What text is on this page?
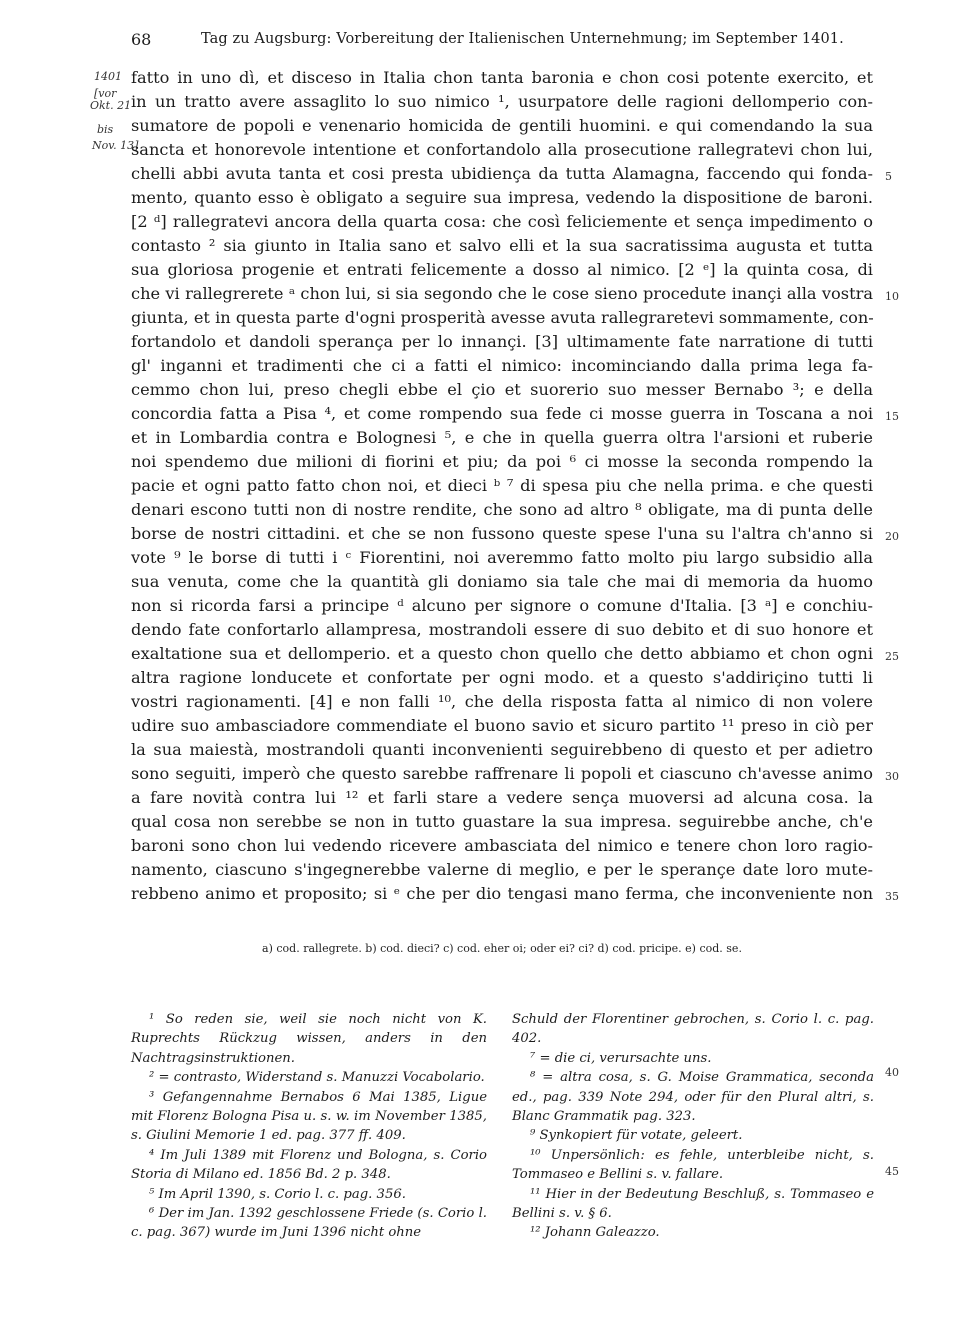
68	Tag zu Augsburg: Vorbereitung der Italienischen Unternehmung; im September 1401.
1401
[vor
Okt. 21
bis
Nov. 13]
fatto in uno dì, et disceso in Italia chon tanta baronia e chon cosi potente exercito, et
in un tratto avere assaglito lo suo nimico ¹, usurpatore delle ragioni dellomperio con-
sumatore de popoli e venenario homicida de gentili huomini. e qui comendando la sua
sancta et honorevole intentione et confortandolo alla prosecutione rallegratevi chon lui,
chelli abbi avuta tanta et cosi presta ubidiença da tutta Alamagna, faccendo qui fonda-
mento, quanto esso è obligato a seguire sua impresa, vedendo la dispositione de baroni.
[2 ᵈ] rallegratevi ancora della quarta cosa: che così feliciemente et sença impedimento o
contasto ² sia giunto in Italia sano et salvo elli et la sua sacratissima augusta et tutta
sua gloriosa progenie et entrati felicemente a dosso al nimico. [2 ᵉ] la quinta cosa, di
che vi rallegrerete ᵃ chon lui, si sia segondo che le cose sieno procedute inançi alla vostra
giunta, et in questa parte d'ogni prosperità avesse avuta rallegraretevi sommamente, con-
fortandolo et dandoli sperança per lo innançi. [3] ultimamente fate narratione di tutti
gl' inganni et tradimenti che ci a fatti el nimico: incominciando dalla prima lega fa-
cemmo chon lui, preso chegli ebbe el çio et suorerio suo messer Bernabo ³; e della
concordia fatta a Pisa ⁴, et come rompendo sua fede ci mosse guerra in Toscana a noi
et in Lombardia contra e Bolognesi ⁵, e che in quella guerra oltra l'arsioni et ruberie
noi spendemo due milioni di fiorini et piu; da poi ⁶ ci mosse la seconda rompendo la
pacie et ogni patto fatto chon noi, et dieci ᵇ ⁷ di spesa piu che nella prima. e che questi
denari escono tutti non di nostre rendite, che sono ad altro ⁸ obligate, ma di punta delle
borse de nostri cittadini. et che se non fussono queste spese l'una su l'altra ch'anno si
vote ⁹ le borse di tutti i ᶜ Fiorentini, noi averemmo fatto molto piu largo subsidio alla
sua venuta, come che la quantità gli doniamo sia tale che mai di memoria da huomo
non si ricorda farsi a principe ᵈ alcuno per signore o comune d'Italia. [3 ᵃ] e conchiu-
dendo fate confortarlo allampresa, mostrandoli essere di suo debito et di suo honore et
exaltatione sua et dellomperio. et a questo chon quello che detto abbiamo et chon ogni
altra ragione londucete et confortate per ogni modo. et a questo s'addiriçino tutti li
vostri ragionamenti. [4] e non falli ¹⁰, che della risposta fatta al nimico di non volere
udire suo ambasciadore commendiate el buono savio et sicuro partito ¹¹ preso in ciò per
la sua maiestà, mostrandoli quanti inconvenienti seguirebbeno di questo et per adietro
sono seguiti, imperò che questo sarebbe raffrenare li popoli et ciascuno ch'avesse animo
a fare novità contra lui ¹² et farli stare a vedere sença muoversi ad alcuna cosa. la
qual cosa non serebbe se non in tutto guastare la sua impresa. seguirebbe anche, ch'e
baroni sono chon lui vedendo ricevere ambasciata del nimico e tenere chon loro ragio-
namento, ciascuno s'ingegnerebbe valerne di meglio, e per le sperançe date loro mute-
rebbeno animo et proposito; si ᵉ che per dio tengasi mano ferma, che inconveniente non
5
10
15
20
25
30
35
a) cod. rallegrete. b) cod. dieci? c) cod. eher oi; oder ei? ci? d) cod. pricipe. e) cod. se.

¹ So reden sie, weil sie noch nicht von K. Ruprechts Rückzug wissen, anders in den Nachtragsinstruktionen.

² = contrasto, Widerstand s. Manuzzi Vocabolario.

³ Gefangennahme Bernabos 6 Mai 1385, Ligue mit Florenz Bologna Pisa u. s. w. im November 1385, s. Giulini Memorie 1 ed. pag. 377 ff. 409.

⁴ Im Juli 1389 mit Florenz und Bologna, s. Corio Storia di Milano ed. 1856 Bd. 2 p. 348.

⁵ Im April 1390, s. Corio l. c. pag. 356.

⁶ Der im Jan. 1392 geschlossene Friede (s. Corio l. c. pag. 367) wurde im Juni 1396 nicht ohne

Schuld der Florentiner gebrochen, s. Corio l. c. pag. 402.

⁷ = die ci, verursachte uns.

⁸ = altra cosa, s. G. Moise Grammatica, seconda ed., pag. 339 Note 294, oder für den Plural altri, s. Blanc Grammatik pag. 323.

⁹ Synkopiert für votate, geleert.

¹⁰ Unpersönlich: es fehle, unterbleibe nicht, s. Tommaseo e Bellini s. v. fallare.

¹¹ Hier in der Bedeutung Beschluß, s. Tommaseo e Bellini s. v. § 6.

¹² Johann Galeazzo.

40
45
